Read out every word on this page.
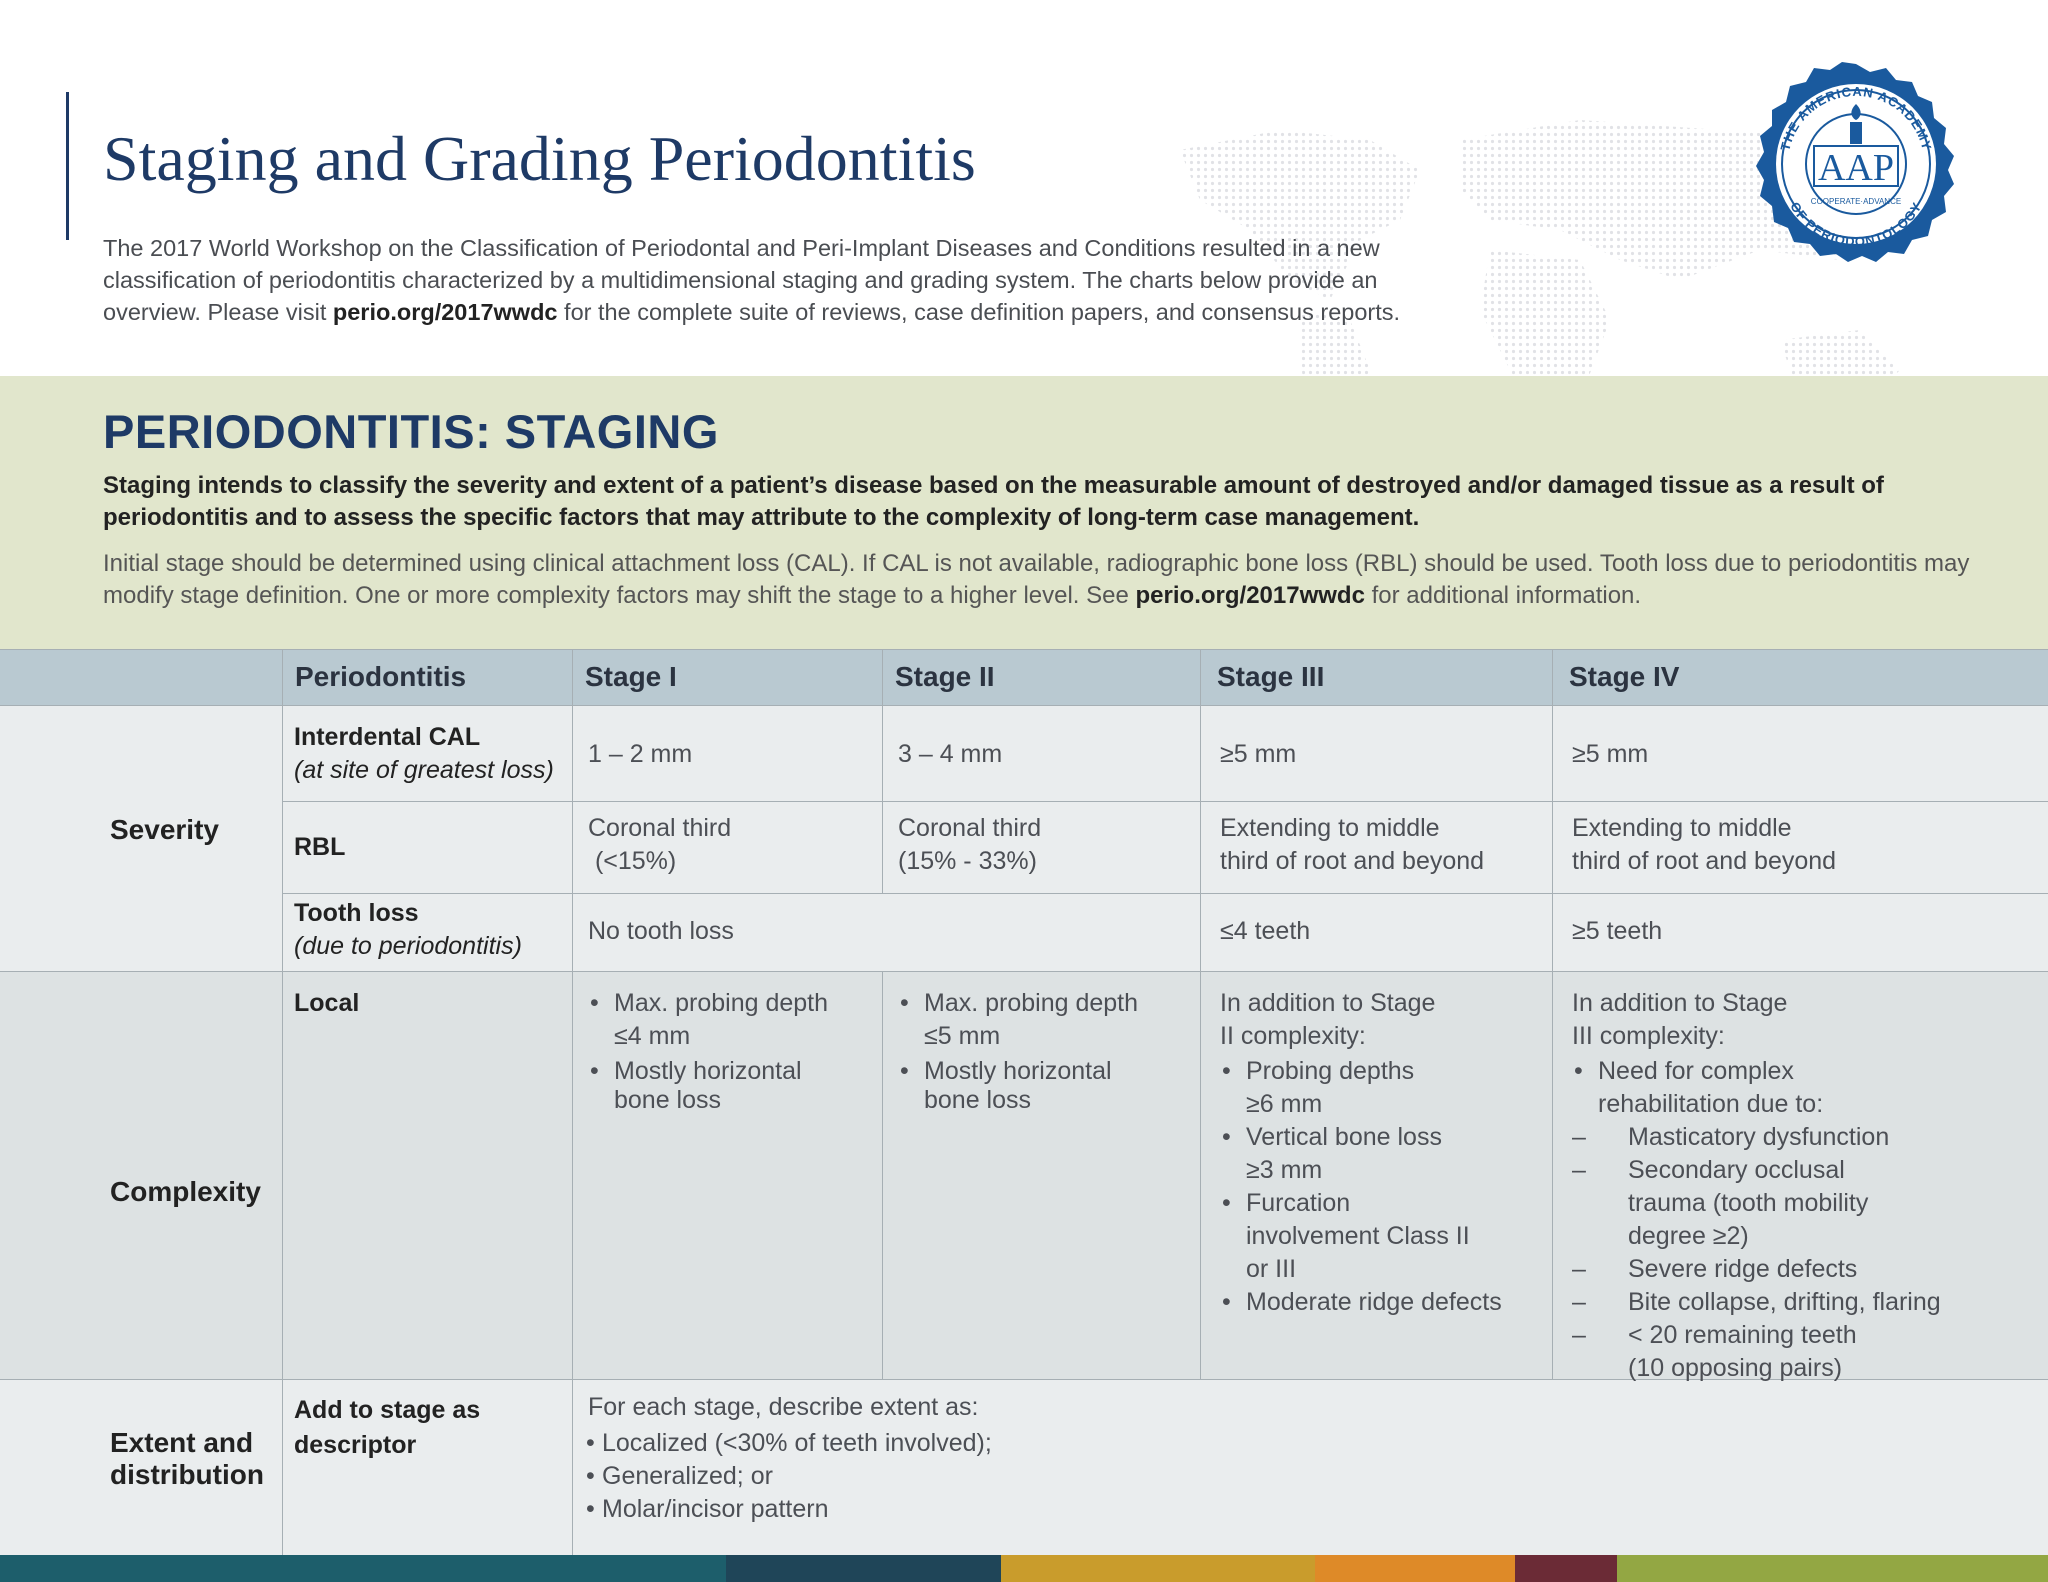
Staging and Grading Periodontitis

The 2017 World Workshop on the Classification of Periodontal and Peri-Implant Diseases and Conditions resulted in a new classification of periodontitis characterized by a multidimensional staging and grading system. The charts below provide an overview. Please visit perio.org/2017wwdc for the complete suite of reviews, case definition papers, and consensus reports.

THE AMERICAN ACADEMY
OF PERIODONTOLOGY
AAP
COOPERATE·ADVANCE
PERIODONTITIS: STAGING

Staging intends to classify the severity and extent of a patient’s disease based on the measurable amount of destroyed and/or damaged tissue as a result of periodontitis and to assess the specific factors that may attribute to the complexity of long-term case management.

Initial stage should be determined using clinical attachment loss (CAL). If CAL is not available, radiographic bone loss (RBL) should be used. Tooth loss due to periodontitis may modify stage definition. One or more complexity factors may shift the stage to a higher level. See perio.org/2017wwdc for additional information.

Periodontitis	Stage I	Stage II	Stage III	Stage IV
Severity
Interdental CAL
(at site of greatest loss)
1 – 2 mm	3 – 4 mm	≥5 mm	≥5 mm
RBL
Coronal third
(<15%)
Coronal third
(15% - 33%)
Extending to middle
third of root and beyond
Extending to middle
third of root and beyond
Tooth loss
(due to periodontitis)
No tooth loss	≤4 teeth	≥5 teeth
Complexity
Local
•	Max. probing depth ≤4 mm
• Mostly horizontal bone loss
• Max. probing depth ≤5 mm
• Mostly horizontal bone loss
In addition to Stage II complexity:
• Probing depths ≥6 mm
• Vertical bone loss ≥3 mm
• Furcation involvement Class II or III
• Moderate ridge defects
In addition to Stage III complexity:
• Need for complex rehabilitation due to:
– Masticatory dysfunction
– Secondary occlusal trauma (tooth mobility degree ≥2)
– Severe ridge defects
– Bite collapse, drifting, flaring
– < 20 remaining teeth (10 opposing pairs)
Extent and distribution
Add to stage as descriptor
For each stage, describe extent as:
• Localized (<30% of teeth involved);
• Generalized; or
• Molar/incisor pattern
